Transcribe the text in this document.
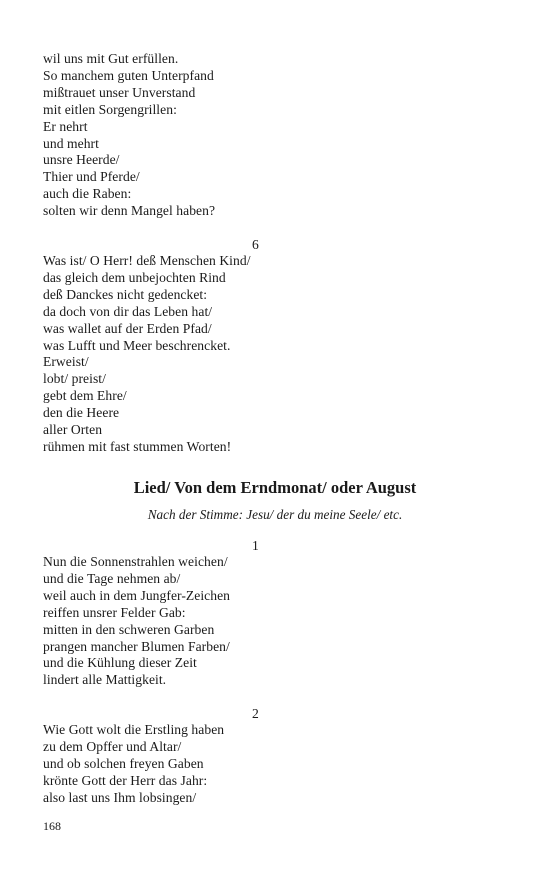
wil uns mit Gut erfüllen.
So manchem guten Unterpfand
mißtrauet unser Unverstand
mit eitlen Sorgengrillen:
Er nehrt
und mehrt
unsre Heerde/
Thier und Pferde/
auch die Raben:
solten wir denn Mangel haben?
6
Was ist/ O Herr! deß Menschen Kind/
das gleich dem unbejochten Rind
deß Danckes nicht gedencket:
da doch von dir das Leben hat/
was wallet auf der Erden Pfad/
was Lufft und Meer beschrencket.
Erweist/
lobt/ preist/
gebt dem Ehre/
den die Heere
aller Orten
rühmen mit fast stummen Worten!
Lied/ Von dem Erndmonat/ oder August
Nach der Stimme: Jesu/ der du meine Seele/ etc.
1
Nun die Sonnenstrahlen weichen/
und die Tage nehmen ab/
weil auch in dem Jungfer-Zeichen
reiffen unsrer Felder Gab:
mitten in den schweren Garben
prangen mancher Blumen Farben/
und die Kühlung dieser Zeit
lindert alle Mattigkeit.
2
Wie Gott wolt die Erstling haben
zu dem Opffer und Altar/
und ob solchen freyen Gaben
krönte Gott der Herr das Jahr:
also last uns Ihm lobsingen/
168
